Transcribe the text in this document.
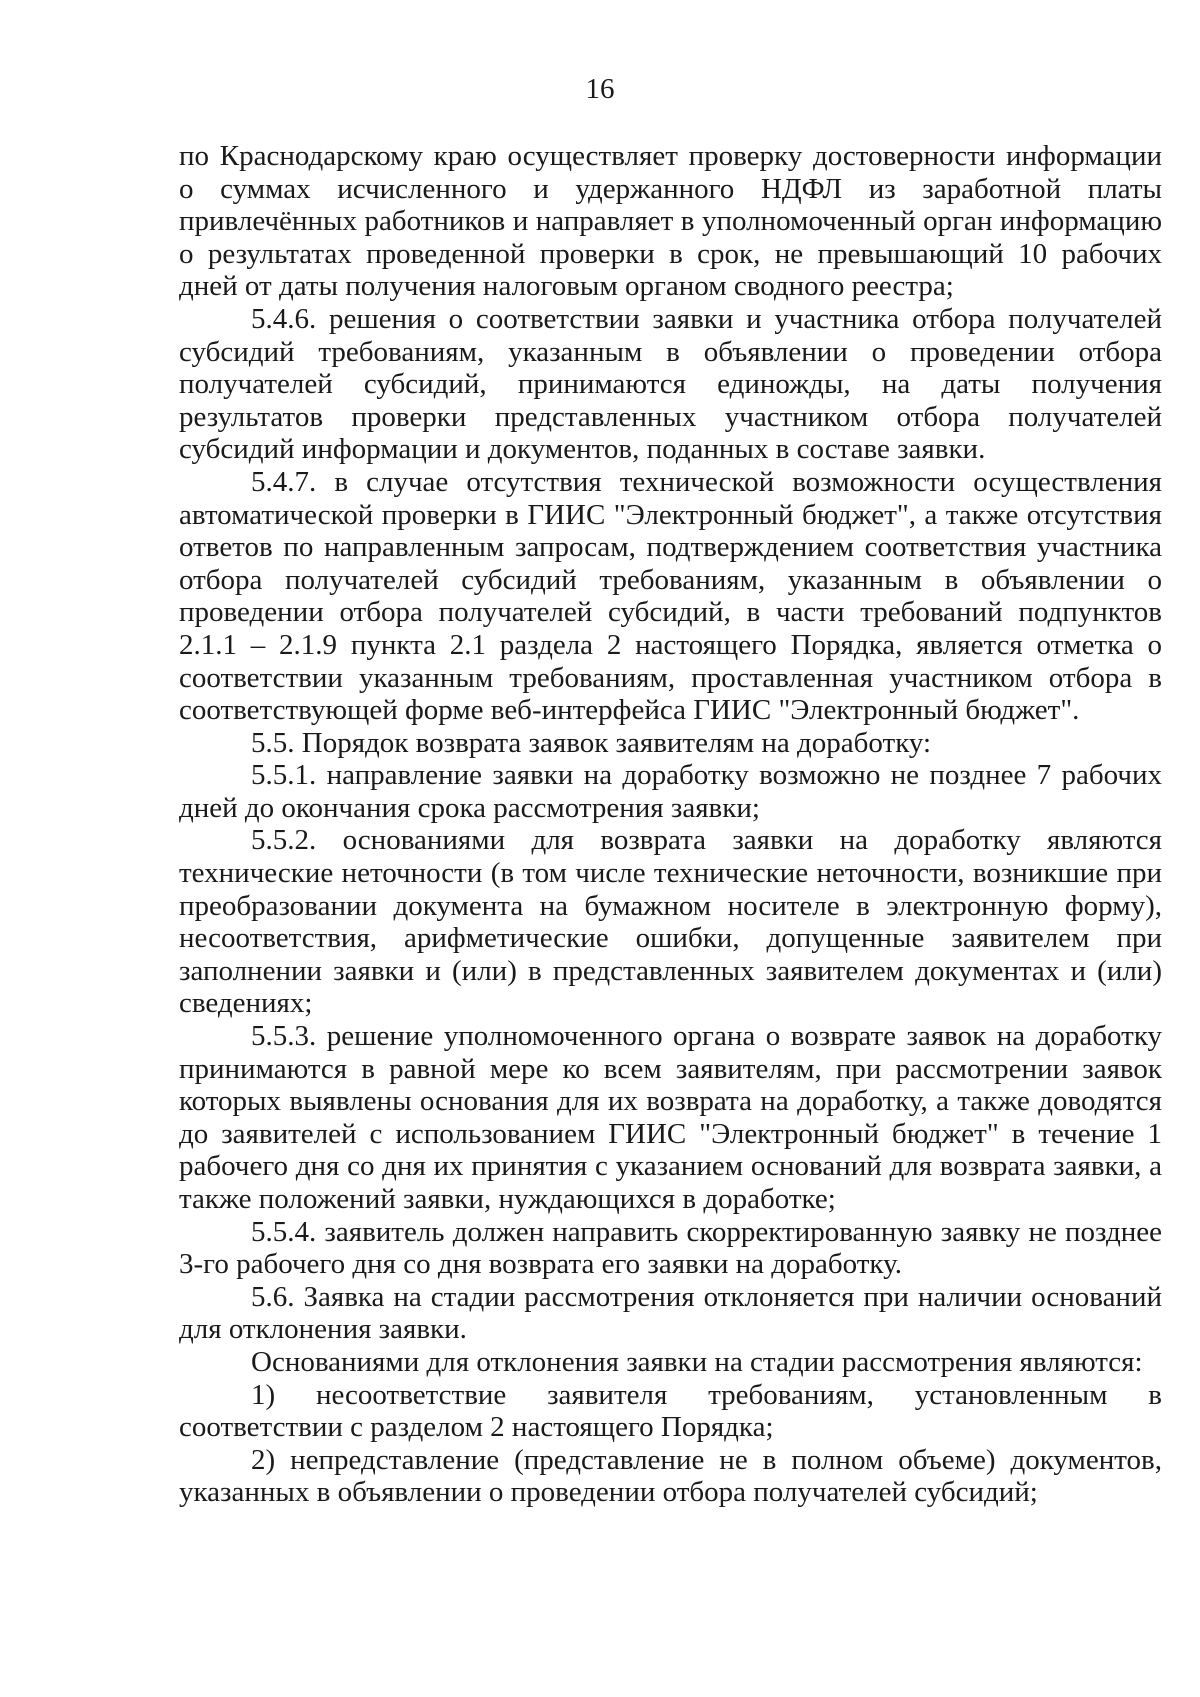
16

по Краснодарскому краю осуществляет проверку достоверности информации о суммах исчисленного и удержанного НДФЛ из заработной платы привлечённых работников и направляет в уполномоченный орган информацию о результатах проведенной проверки в срок, не превышающий 10 рабочих дней от даты получения налоговым органом сводного реестра;

5.4.6. решения о соответствии заявки и участника отбора получателей субсидий требованиям, указанным в объявлении о проведении отбора получателей субсидий, принимаются единожды, на даты получения результатов проверки представленных участником отбора получателей субсидий информации и документов, поданных в составе заявки.

5.4.7. в случае отсутствия технической возможности осуществления автоматической проверки в ГИИС "Электронный бюджет", а также отсутствия ответов по направленным запросам, подтверждением соответствия участника отбора получателей субсидий требованиям, указанным в объявлении о проведении отбора получателей субсидий, в части требований подпунктов 2.1.1 – 2.1.9 пункта 2.1 раздела 2 настоящего Порядка, является отметка о соответствии указанным требованиям, проставленная участником отбора в соответствующей форме веб-интерфейса ГИИС "Электронный бюджет".

5.5. Порядок возврата заявок заявителям на доработку:

5.5.1. направление заявки на доработку возможно не позднее 7 рабочих дней до окончания срока рассмотрения заявки;

5.5.2. основаниями для возврата заявки на доработку являются технические неточности (в том числе технические неточности, возникшие при преобразовании документа на бумажном носителе в электронную форму), несоответствия, арифметические ошибки, допущенные заявителем при заполнении заявки и (или) в представленных заявителем документах и (или) сведениях;

5.5.3. решение уполномоченного органа о возврате заявок на доработку принимаются в равной мере ко всем заявителям, при рассмотрении заявок которых выявлены основания для их возврата на доработку, а также доводятся до заявителей с использованием ГИИС "Электронный бюджет" в течение 1 рабочего дня со дня их принятия с указанием оснований для возврата заявки, а также положений заявки, нуждающихся в доработке;

5.5.4. заявитель должен направить скорректированную заявку не позднее 3-го рабочего дня со дня возврата его заявки на доработку.

5.6. Заявка на стадии рассмотрения отклоняется при наличии оснований для отклонения заявки.

Основаниями для отклонения заявки на стадии рассмотрения являются:

1) несоответствие заявителя требованиям, установленным в соответствии с разделом 2 настоящего Порядка;

2) непредставление (представление не в полном объеме) документов, указанных в объявлении о проведении отбора получателей субсидий;
